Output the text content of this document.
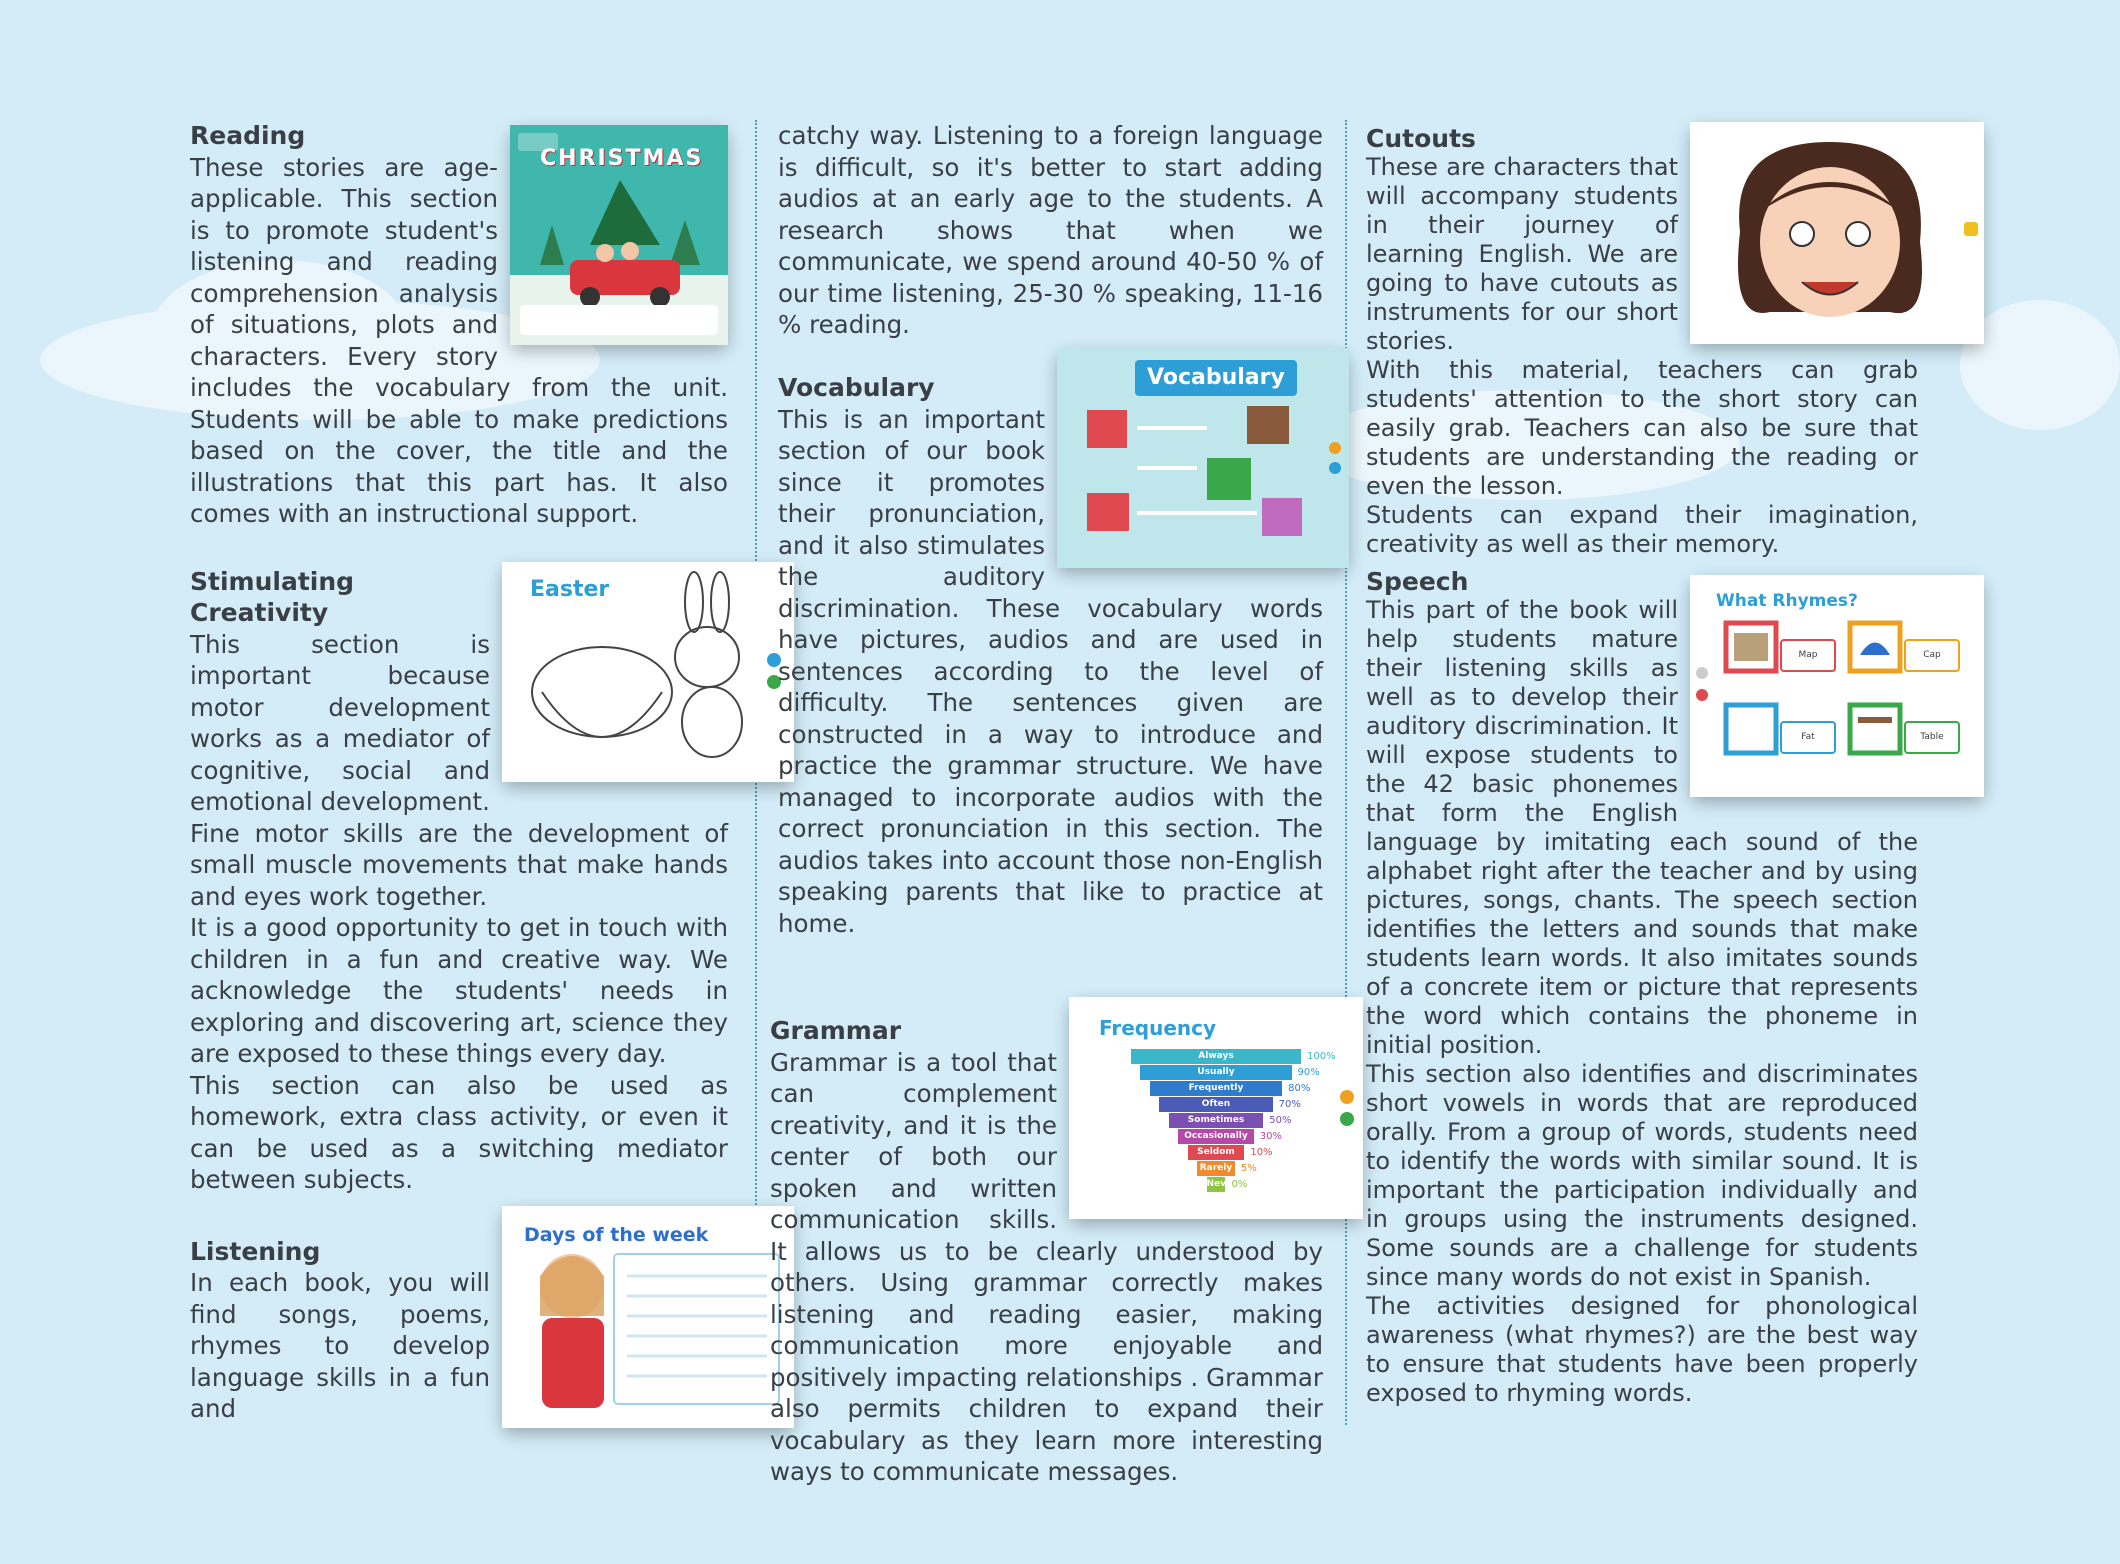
CHRISTMAS
Reading

These stories are age-applicable. This section is to promote student's listening and reading comprehension analysis of situations, plots and characters. Every story includes the vocabulary from the unit. Students will be able to make predictions based on the cover, the title and the illustrations that this part has. It also comes with an instructional support.

Easter
Stimulating Creativity

This section is important because motor development works as a mediator of cognitive, social and emotional development.

Fine motor skills are the development of small muscle movements that make hands and eyes work together.

It is a good opportunity to get in touch with children in a fun and creative way. We acknowledge the students' needs in exploring and discovering art, science they are exposed to these things every day.

This section can also be used as homework, extra class activity, or even it can be used as a switching mediator between subjects.

Days of the week
Listening

In each book, you will find songs, poems, rhymes to develop language skills in a fun and

Vocabulary
Vocabulary

This is an important section of our book since it promotes their pronunciation, and it also stimulates the auditory discrimination. These vocabulary words have pictures, audios and are used in sentences according to the level of difficulty. The sentences given are constructed in a way to introduce and practice the grammar structure. We have managed to incorporate audios with the correct pronunciation in this section. The audios takes into account those non-English speaking parents that like to practice at home.

Frequency
Always	100%
Usually	90%
Frequently	80%
Often	70%
Sometimes	50%
Occasionally	30%
Seldom	10%
Rarely 5%
Never
0%
Grammar

Grammar is a tool that can complement creativity, and it is the center of both our spoken and written communication skills. It allows us to be clearly understood by others. Using grammar correctly makes listening and reading easier, making communication more enjoyable and positively impacting relationships . Grammar also permits children to expand their vocabulary as they learn more interesting ways to communicate messages.

catchy way. Listening to a foreign language is difficult, so it's better to start adding audios at an early age to the students. A research shows that when we communicate, we spend around 40-50 % of our time listening, 25-30 % speaking, 11-16 % reading.

Cutouts

These are characters that will accompany students in their journey of learning English. We are going to have cutouts as instruments for our short stories.

With this material, teachers can grab students' attention to the short story can easily grab. Teachers can also be sure that students are understanding the reading or even the lesson.

Students can expand their imagination, creativity as well as their memory.

What Rhymes?
Map	Cap
Fat	Table
Speech

This part of the book will help students mature their listening skills as well as to develop their auditory discrimination. It will expose students to the 42 basic phonemes that form the English language by imitating each sound of the alphabet right after the teacher and by using pictures, songs, chants. The speech section identifies the letters and sounds that make students learn words. It also imitates sounds of a concrete item or picture that represents the word which contains the phoneme in initial position.

This section also identifies and discriminates short vowels in words that are reproduced orally. From a group of words, students need to identify the words with similar sound. It is important the participation individually and in groups using the instruments designed. Some sounds are a challenge for students since many words do not exist in Spanish.

The activities designed for phonological awareness (what rhymes?) are the best way to ensure that students have been properly exposed to rhyming words.
